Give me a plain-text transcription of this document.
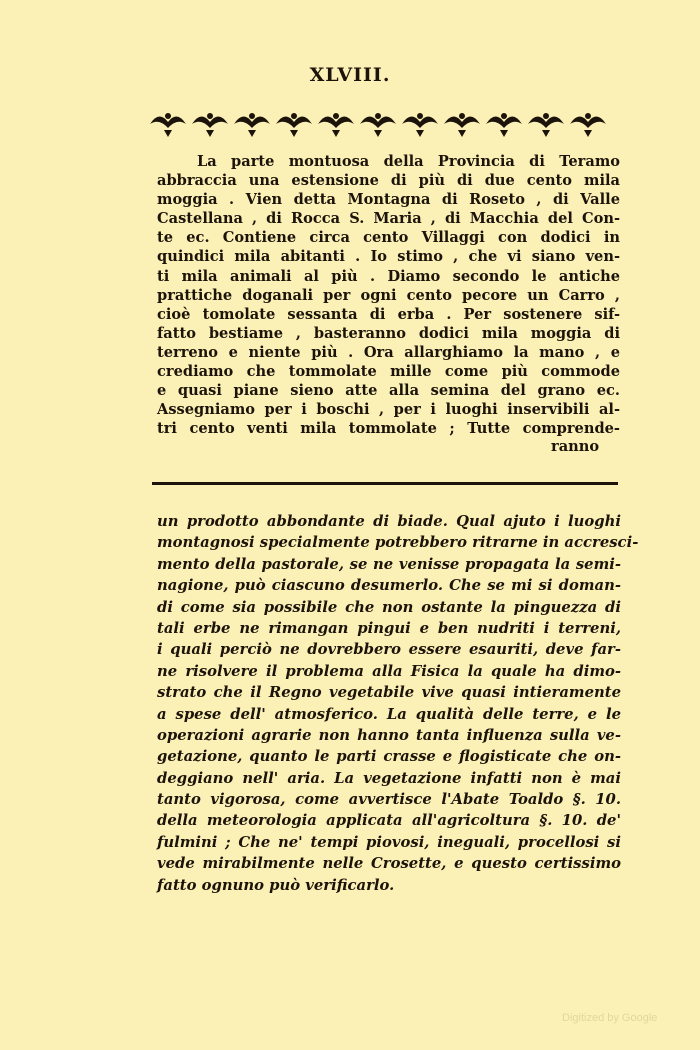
ⅩLVIII.
La parte montuosa della Provincia di Teramo
abbraccia una estensione di più di due cento mila
moggia . Vien detta Montagna di Roseto , di Valle
Castellana , di Rocca S. Maria , di Macchia del Con-
te ec. Contiene circa cento Villaggi con dodici in
quindici mila abitanti . Io stimo , che vi siano ven-
ti mila animali al più . Diamo secondo le antiche
prattiche doganali per ogni cento pecore un Carro ,
cioè tomolate sessanta di erba . Per sostenere sif-
fatto bestiame , basteranno dodici mila moggia di
terreno e niente più . Ora allarghiamo la mano , e
crediamo che tommolate mille come più commode
e quasi piane sieno atte alla semina del grano ec.
Assegniamo per i boschi , per i luoghi inservibili al-
tri cento venti mila tommolate ; Tutte comprende-
ranno
un prodotto abbondante di biade. Qual ajuto i luoghi
montagnosi specialmente potrebbero ritrarne in accresci-
mento della pastorale, se ne venisse propagata la semi-
nagione, può ciascuno desumerlo. Che se mi si doman-
di come sia possibile che non ostante la pinguezza di
tali erbe ne rimangan pingui e ben nudriti i terreni,
i quali perciò ne dovrebbero essere esauriti, deve far-
ne risolvere il problema alla Fisica la quale ha dimo-
strato che il Regno vegetabile vive quasi intieramente
a spese dell' atmosferico. La qualità delle terre, e le
operazioni agrarie non hanno tanta influenza sulla ve-
getazione, quanto le parti crasse e flogisticate che on-
deggiano nell' aria. La vegetazione infatti non è mai
tanto vigorosa, come avvertisce l'Abate Toaldo §. 10.
della meteorologia applicata all'agricoltura §. 10. de'
fulmini ; Che ne' tempi piovosi, ineguali, procellosi si
vede mirabilmente nelle Crosette, e questo certissimo
fatto ognuno può verificarlo.
Digitized by Google
